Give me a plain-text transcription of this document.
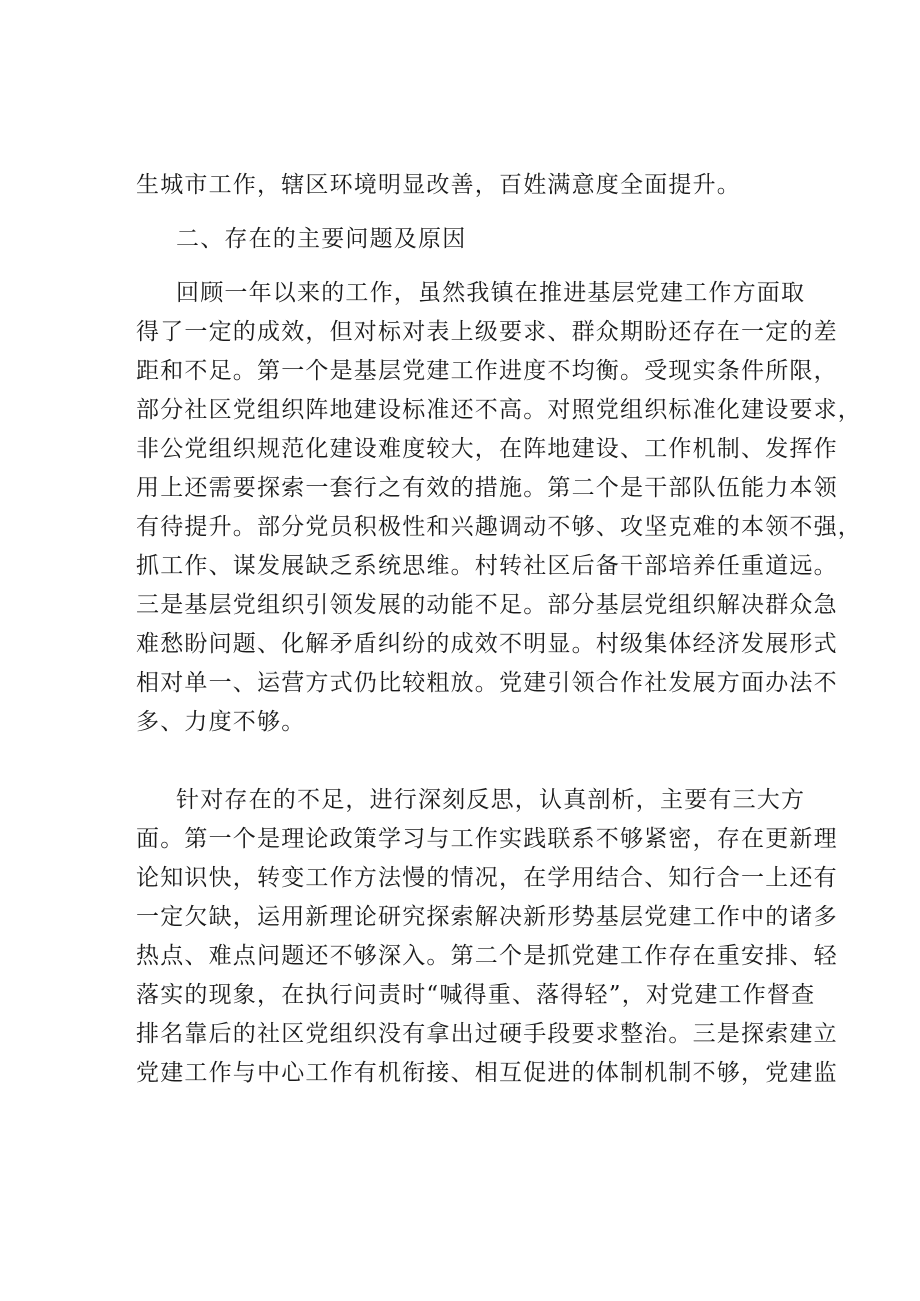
生城市工作，辖区环境明显改善，百姓满意度全面提升。
二、存在的主要问题及原因
回顾一年以来的工作，虽然我镇在推进基层党建工作方面取
得了一定的成效，但对标对表上级要求、群众期盼还存在一定的差
距和不足。第一个是基层党建工作进度不均衡。受现实条件所限，
部分社区党组织阵地建设标准还不高。对照党组织标准化建设要求，
非公党组织规范化建设难度较大，在阵地建设、工作机制、发挥作
用上还需要探索一套行之有效的措施。第二个是干部队伍能力本领
有待提升。部分党员积极性和兴趣调动不够、攻坚克难的本领不强，
抓工作、谋发展缺乏系统思维。村转社区后备干部培养任重道远。
三是基层党组织引领发展的动能不足。部分基层党组织解决群众急
难愁盼问题、化解矛盾纠纷的成效不明显。村级集体经济发展形式
相对单一、运营方式仍比较粗放。党建引领合作社发展方面办法不
多、力度不够。
针对存在的不足，进行深刻反思，认真剖析，主要有三大方
面。第一个是理论政策学习与工作实践联系不够紧密，存在更新理
论知识快，转变工作方法慢的情况，在学用结合、知行合一上还有
一定欠缺，运用新理论研究探索解决新形势基层党建工作中的诸多
热点、难点问题还不够深入。第二个是抓党建工作存在重安排、轻
落实的现象，在执行问责时“喊得重、落得轻”，对党建工作督查
排名靠后的社区党组织没有拿出过硬手段要求整治。三是探索建立
党建工作与中心工作有机衔接、相互促进的体制机制不够，党建监
